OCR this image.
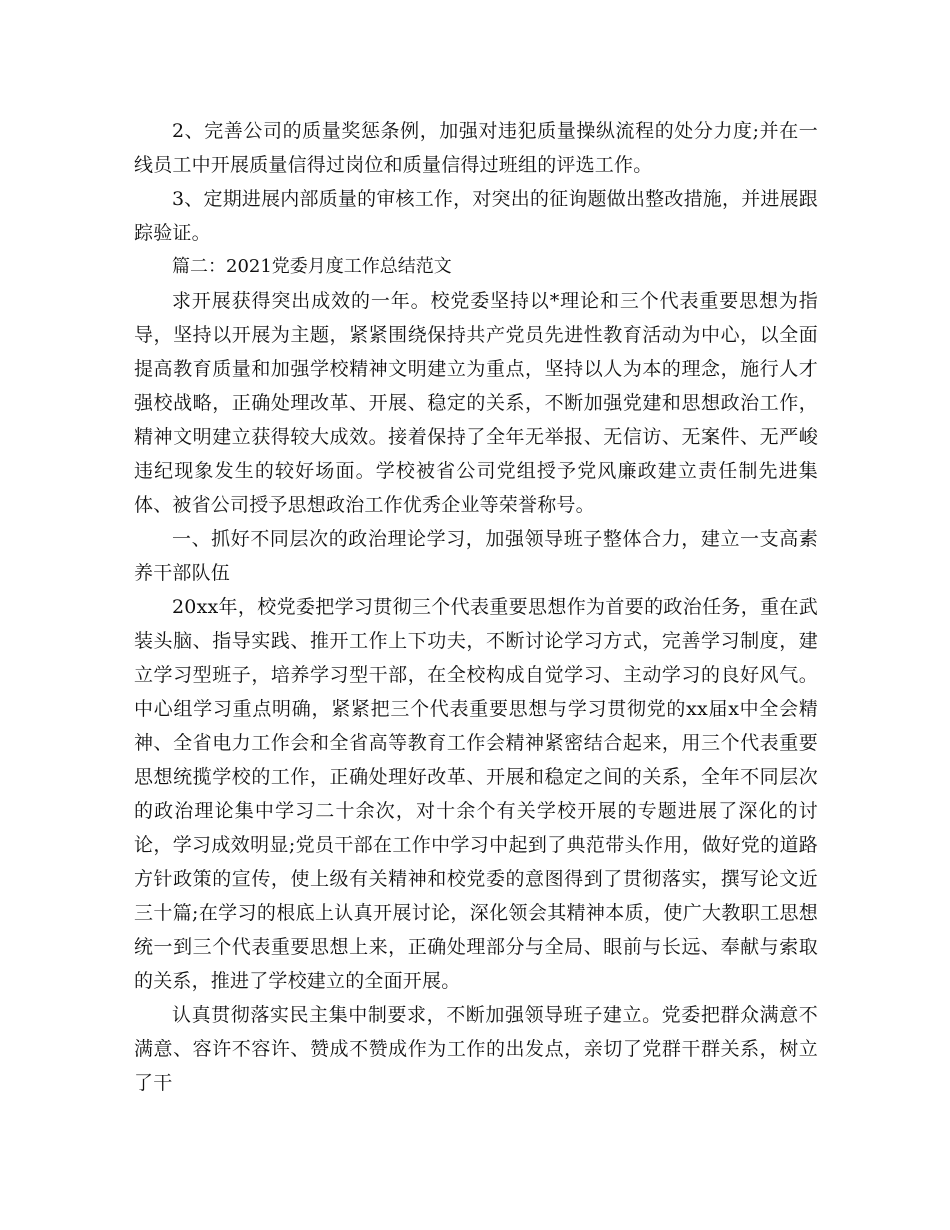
2、完善公司的质量奖惩条例，加强对违犯质量操纵流程的处分力度;并在一线员工中开展质量信得过岗位和质量信得过班组的评选工作。

3、定期进展内部质量的审核工作，对突出的征询题做出整改措施，并进展跟踪验证。

篇二：2021党委月度工作总结范文

求开展获得突出成效的一年。校党委坚持以*理论和三个代表重要思想为指导，坚持以开展为主题，紧紧围绕保持共产党员先进性教育活动为中心，以全面提高教育质量和加强学校精神文明建立为重点，坚持以人为本的理念，施行人才强校战略，正确处理改革、开展、稳定的关系，不断加强党建和思想政治工作，精神文明建立获得较大成效。接着保持了全年无举报、无信访、无案件、无严峻违纪现象发生的较好场面。学校被省公司党组授予党风廉政建立责任制先进集体、被省公司授予思想政治工作优秀企业等荣誉称号。

一、抓好不同层次的政治理论学习，加强领导班子整体合力，建立一支高素养干部队伍

20xx年，校党委把学习贯彻三个代表重要思想作为首要的政治任务，重在武装头脑、指导实践、推开工作上下功夫，不断讨论学习方式，完善学习制度，建立学习型班子，培养学习型干部，在全校构成自觉学习、主动学习的良好风气。中心组学习重点明确，紧紧把三个代表重要思想与学习贯彻党的xx届x中全会精神、全省电力工作会和全省高等教育工作会精神紧密结合起来，用三个代表重要思想统揽学校的工作，正确处理好改革、开展和稳定之间的关系，全年不同层次的政治理论集中学习二十余次，对十余个有关学校开展的专题进展了深化的讨论，学习成效明显;党员干部在工作中学习中起到了典范带头作用，做好党的道路方针政策的宣传，使上级有关精神和校党委的意图得到了贯彻落实，撰写论文近三十篇;在学习的根底上认真开展讨论，深化领会其精神本质，使广大教职工思想统一到三个代表重要思想上来，正确处理部分与全局、眼前与长远、奉献与索取的关系，推进了学校建立的全面开展。

认真贯彻落实民主集中制要求，不断加强领导班子建立。党委把群众满意不满意、容许不容许、赞成不赞成作为工作的出发点，亲切了党群干群关系，树立了干
